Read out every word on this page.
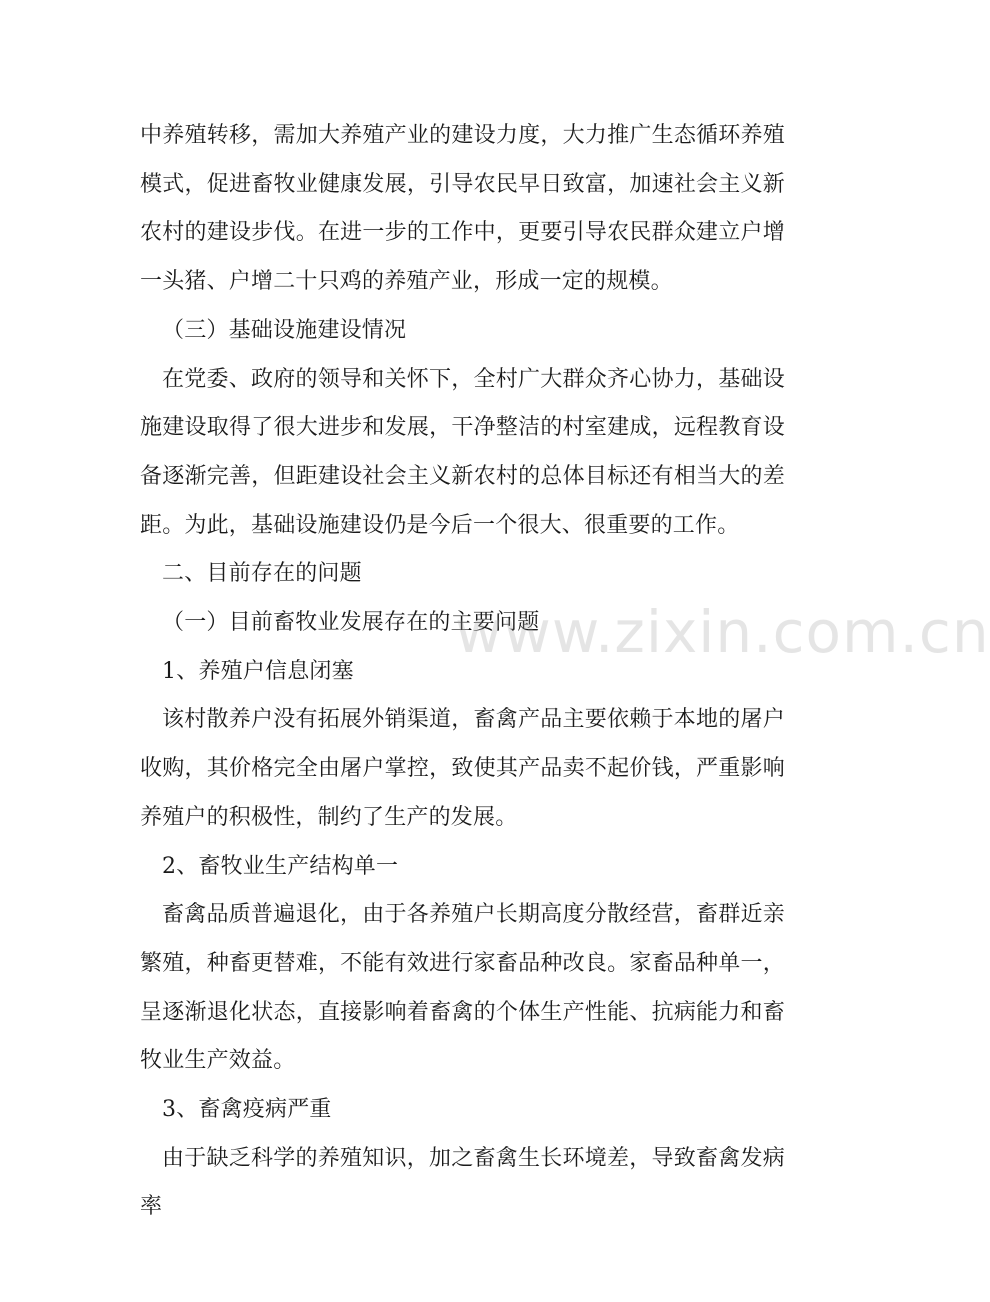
中养殖转移，需加大养殖产业的建设力度，大力推广生态循环养殖模式，促进畜牧业健康发展，引导农民早日致富，加速社会主义新农村的建设步伐。在进一步的工作中，更要引导农民群众建立户增一头猪、户增二十只鸡的养殖产业，形成一定的规模。

（三）基础设施建设情况

在党委、政府的领导和关怀下，全村广大群众齐心协力，基础设施建设取得了很大进步和发展，干净整洁的村室建成，远程教育设备逐渐完善，但距建设社会主义新农村的总体目标还有相当大的差距。为此，基础设施建设仍是今后一个很大、很重要的工作。

二、目前存在的问题

（一）目前畜牧业发展存在的主要问题

1、养殖户信息闭塞

该村散养户没有拓展外销渠道，畜禽产品主要依赖于本地的屠户收购，其价格完全由屠户掌控，致使其产品卖不起价钱，严重影响养殖户的积极性，制约了生产的发展。

2、畜牧业生产结构单一

畜禽品质普遍退化，由于各养殖户长期高度分散经营，畜群近亲繁殖，种畜更替难，不能有效进行家畜品种改良。家畜品种单一，呈逐渐退化状态，直接影响着畜禽的个体生产性能、抗病能力和畜牧业生产效益。

3、畜禽疫病严重

由于缺乏科学的养殖知识，加之畜禽生长环境差，导致畜禽发病率

www.zixin.com.cn
